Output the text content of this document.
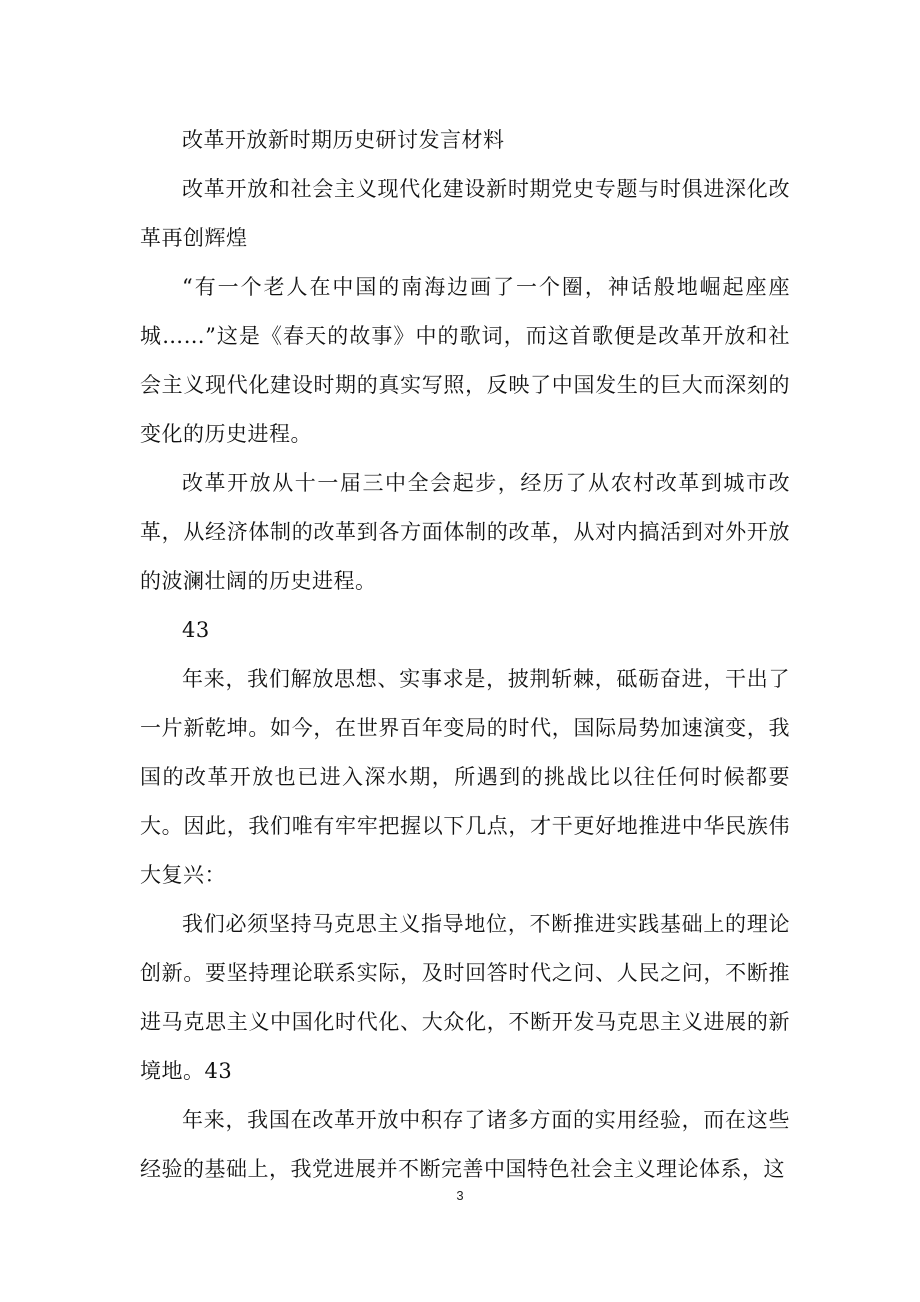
改革开放新时期历史研讨发言材料

改革开放和社会主义现代化建设新时期党史专题与时俱进深化改革再创辉煌

“有一个老人在中国的南海边画了一个圈，神话般地崛起座座城……”这是《春天的故事》中的歌词，而这首歌便是改革开放和社会主义现代化建设时期的真实写照，反映了中国发生的巨大而深刻的变化的历史进程。

改革开放从十一届三中全会起步，经历了从农村改革到城市改革，从经济体制的改革到各方面体制的改革，从对内搞活到对外开放的波澜壮阔的历史进程。

43

年来，我们解放思想、实事求是，披荆斩棘，砥砺奋进，干出了一片新乾坤。如今，在世界百年变局的时代，国际局势加速演变，我国的改革开放也已进入深水期，所遇到的挑战比以往任何时候都要大。因此，我们唯有牢牢把握以下几点，才干更好地推进中华民族伟大复兴：

我们必须坚持马克思主义指导地位，不断推进实践基础上的理论创新。要坚持理论联系实际，及时回答时代之问、人民之问，不断推进马克思主义中国化时代化、大众化，不断开发马克思主义进展的新境地。43

年来，我国在改革开放中积存了诸多方面的实用经验，而在这些经验的基础上，我党进展并不断完善中国特色社会主义理论体系，这

3
